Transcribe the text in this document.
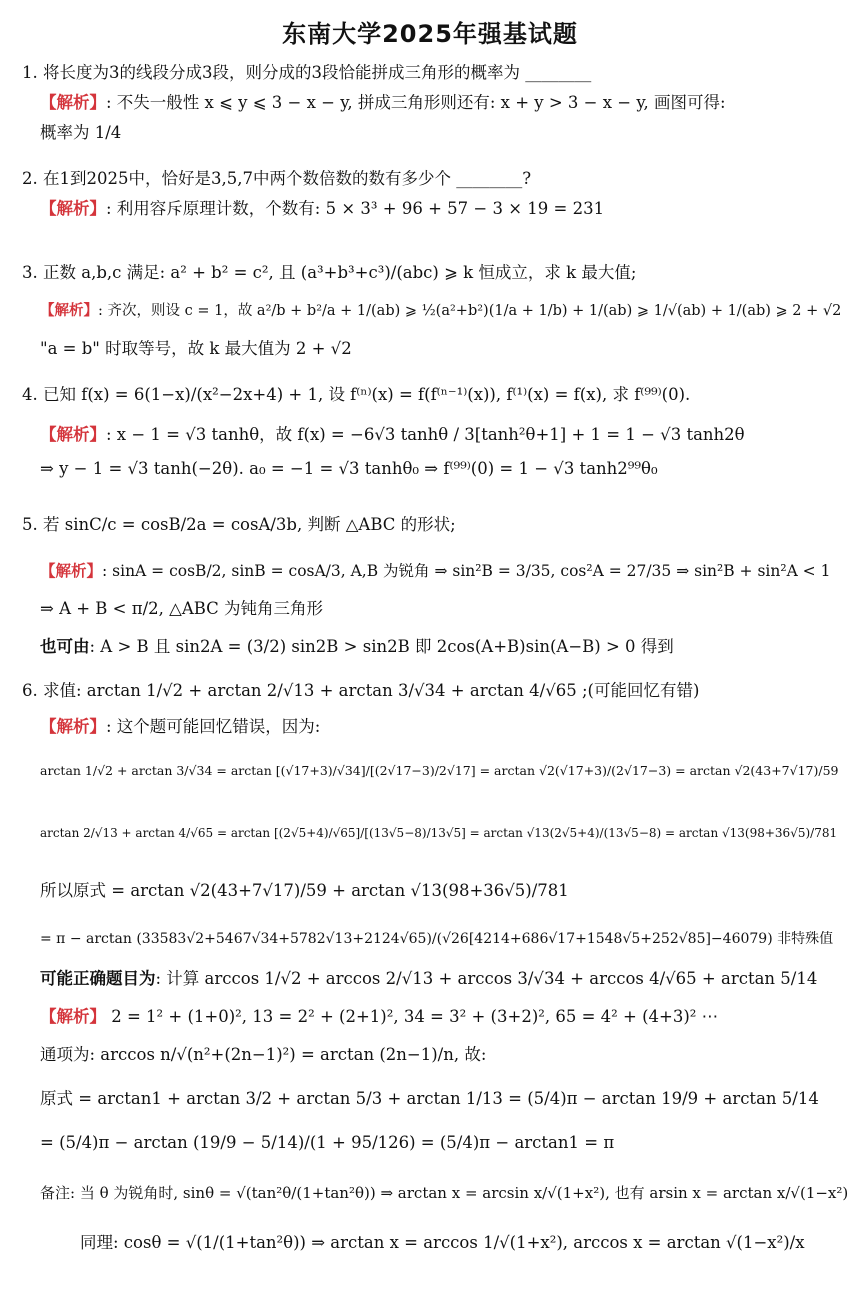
东南大学2025年强基试题
1. 将长度为3的线段分成3段，则分成的3段恰能拼成三角形的概率为 ________
【解析】: 不失一般性 x ⩽ y ⩽ 3 − x − y, 拼成三角形则还有: x + y > 3 − x − y, 画图可得:
概率为 1/4
2. 在1到2025中，恰好是3,5,7中两个数倍数的数有多少个 ________?
【解析】: 利用容斥原理计数，个数有: 5 × 3³ + 96 + 57 − 3 × 19 = 231
3. 正数 a,b,c 满足: a² + b² = c², 且 (a³+b³+c³)/(abc) ⩾ k 恒成立，求 k 最大值;
【解析】: 齐次，则设 c = 1，故 a²/b + b²/a + 1/(ab) ⩾ ½(a²+b²)(1/a + 1/b) + 1/(ab) ⩾ 1/√(ab) + 1/(ab) ⩾ 2 + √2
"a = b" 时取等号，故 k 最大值为 2 + √2
4. 已知 f(x) = 6(1−x)/(x²−2x+4) + 1, 设 f⁽ⁿ⁾(x) = f(f⁽ⁿ⁻¹⁾(x)), f⁽¹⁾(x) = f(x), 求 f⁽⁹⁹⁾(0).
【解析】: x − 1 = √3 tanhθ，故 f(x) = −6√3 tanhθ / 3[tanh²θ+1] + 1 = 1 − √3 tanh2θ
⇒ y − 1 = √3 tanh(−2θ). a₀ = −1 = √3 tanhθ₀ ⇒ f⁽⁹⁹⁾(0) = 1 − √3 tanh2⁹⁹θ₀
5. 若 sinC/c = cosB/2a = cosA/3b, 判断 △ABC 的形状;
【解析】: sinA = cosB/2, sinB = cosA/3, A,B 为锐角 ⇒ sin²B = 3/35, cos²A = 27/35 ⇒ sin²B + sin²A < 1
⇒ A + B < π/2, △ABC 为钝角三角形
也可由: A > B 且 sin2A = (3/2) sin2B > sin2B 即 2cos(A+B)sin(A−B) > 0 得到
6. 求值: arctan 1/√2 + arctan 2/√13 + arctan 3/√34 + arctan 4/√65 ;(可能回忆有错)
【解析】: 这个题可能回忆错误，因为:
arctan 1/√2 + arctan 3/√34 = arctan [(√17+3)/√34]/[(2√17−3)/2√17] = arctan √2(√17+3)/(2√17−3) = arctan √2(43+7√17)/59
arctan 2/√13 + arctan 4/√65 = arctan [(2√5+4)/√65]/[(13√5−8)/13√5] = arctan √13(2√5+4)/(13√5−8) = arctan √13(98+36√5)/781
所以原式 = arctan √2(43+7√17)/59 + arctan √13(98+36√5)/781
= π − arctan (33583√2+5467√34+5782√13+2124√65)/(√26[4214+686√17+1548√5+252√85]−46079) 非特殊值
可能正确题目为: 计算 arccos 1/√2 + arccos 2/√13 + arccos 3/√34 + arccos 4/√65 + arctan 5/14
【解析】 2 = 1² + (1+0)², 13 = 2² + (2+1)², 34 = 3² + (3+2)², 65 = 4² + (4+3)² ⋯
通项为: arccos n/√(n²+(2n−1)²) = arctan (2n−1)/n, 故:
原式 = arctan1 + arctan 3/2 + arctan 5/3 + arctan 1/13 = (5/4)π − arctan 19/9 + arctan 5/14
= (5/4)π − arctan (19/9 − 5/14)/(1 + 95/126) = (5/4)π − arctan1 = π
备注: 当 θ 为锐角时, sinθ = √(tan²θ/(1+tan²θ)) ⇒ arctan x = arcsin x/√(1+x²), 也有 arsin x = arctan x/√(1−x²)
同理: cosθ = √(1/(1+tan²θ)) ⇒ arctan x = arccos 1/√(1+x²), arccos x = arctan √(1−x²)/x
